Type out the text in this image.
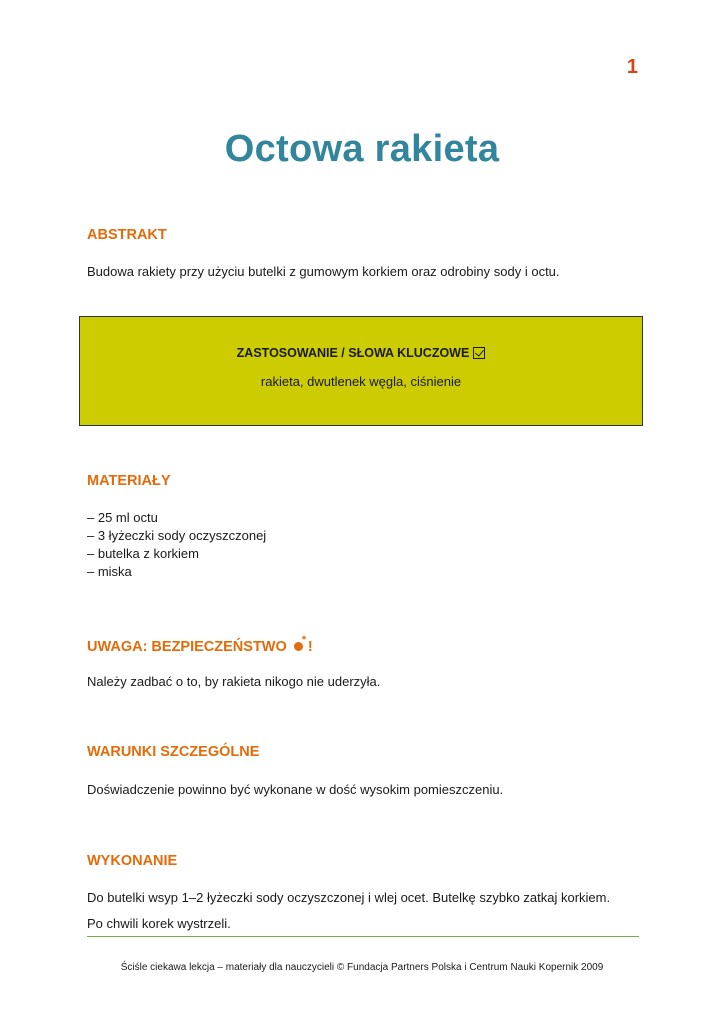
1
Octowa rakieta
ABSTRAKT
Budowa rakiety przy użyciu butelki z gumowym korkiem oraz odrobiny sody i octu.
ZASTOSOWANIE / SŁOWA KLUCZOWE
rakieta, dwutlenek węgla, ciśnienie
MATERIAŁY
– 25 ml octu
– 3 łyżeczki sody oczyszczonej
– butelka z korkiem
– miska
UWAGA: BEZPIECZEŃSTWO * !
Należy zadbać o to, by rakieta nikogo nie uderzyła.
WARUNKI SZCZEGÓLNE
Doświadczenie powinno być wykonane w dość wysokim pomieszczeniu.
WYKONANIE
Do butelki wsyp 1–2 łyżeczki sody oczyszczonej i wlej ocet. Butelkę szybko zatkaj korkiem.
Po chwili korek wystrzeli.
Ściśle ciekawa lekcja – materiały dla nauczycieli © Fundacja Partners Polska i Centrum Nauki Kopernik 2009
